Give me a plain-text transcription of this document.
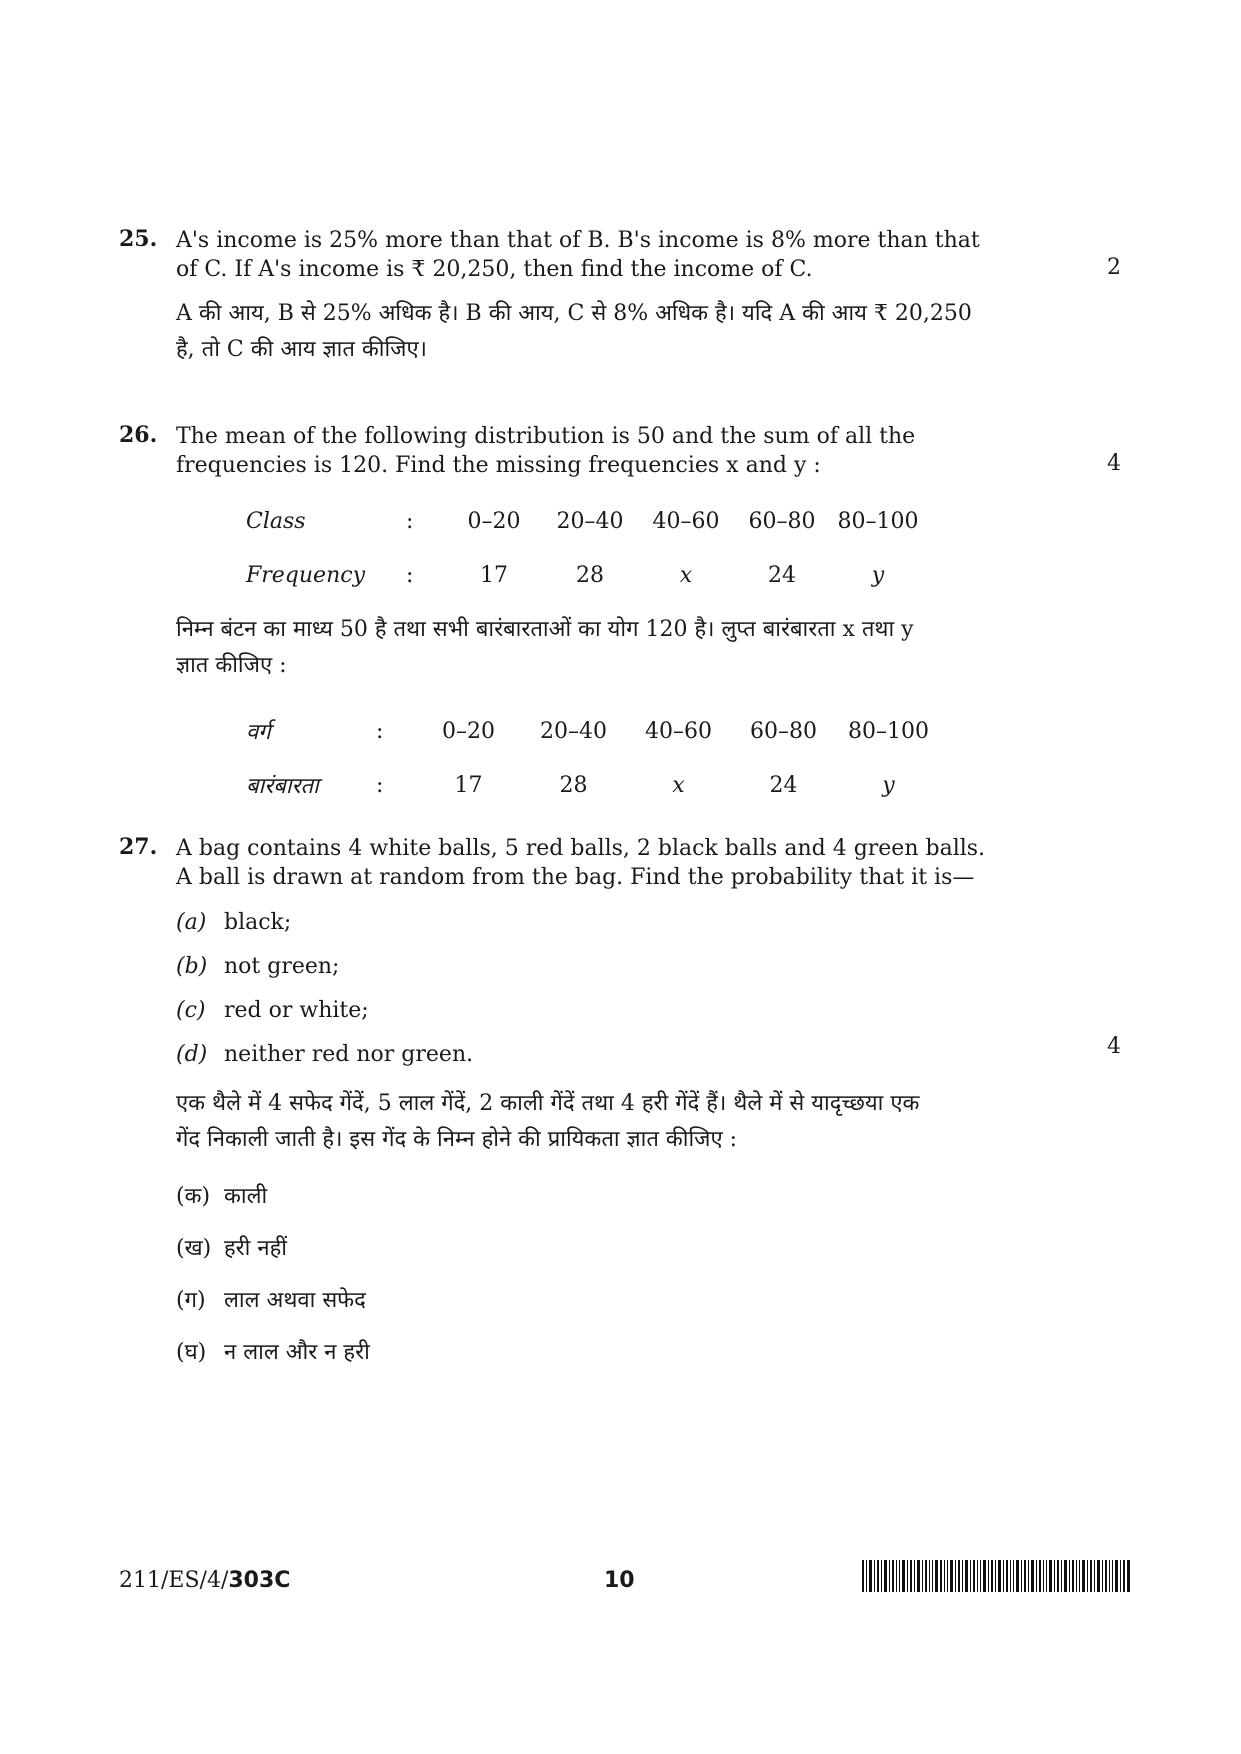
25. A's income is 25% more than that of B. B's income is 8% more than that
of C. If A's income is ₹ 20,250, then find the income of C.
A की आय, B से 25% अधिक है। B की आय, C से 8% अधिक है। यदि A की आय ₹ 20,250
है, तो C की आय ज्ञात कीजिए।
2
26. The mean of the following distribution is 50 and the sum of all the
frequencies is 120. Find the missing frequencies x and y :
Class	:	0–20	20–40	40–60	60–80	80–100
Frequency	:	17	28	x	24	y
निम्न बंटन का माध्य 50 है तथा सभी बारंबारताओं का योग 120 है। लुप्त बारंबारता x तथा y
ज्ञात कीजिए :
वर्ग	:	0–20	20–40	40–60	60–80	80–100
बारंबारता	:	17	28	x	24	y
4
27. A bag contains 4 white balls, 5 red balls, 2 black balls and 4 green balls.
A ball is drawn at random from the bag. Find the probability that it is—
(a) black;
(b) not green;
(c) red or white;
(d) neither red nor green.
एक थैले में 4 सफेद गेंदें, 5 लाल गेंदें, 2 काली गेंदें तथा 4 हरी गेंदें हैं। थैले में से यादृच्छया एक
गेंद निकाली जाती है। इस गेंद के निम्न होने की प्रायिकता ज्ञात कीजिए :
(क) काली
(ख) हरी नहीं
(ग) लाल अथवा सफेद
(घ) न लाल और न हरी
4
211/ES/4/303C	10
